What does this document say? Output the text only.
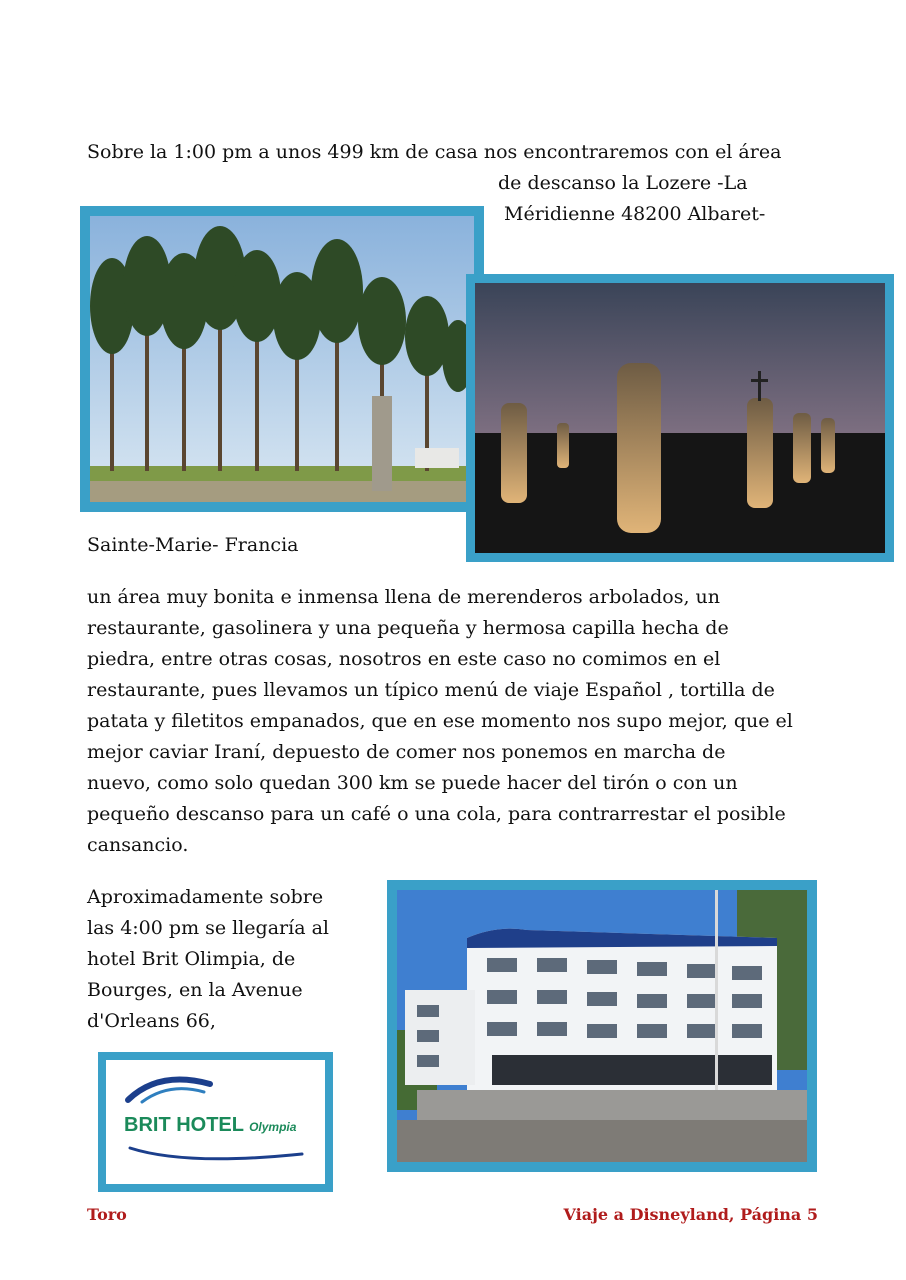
Sobre la 1:00 pm a unos 499 km de casa nos encontraremos con el área

de descanso la Lozere -La

Méridienne 48200 Albaret-

Sainte-Marie- Francia

un área muy bonita e inmensa llena de merenderos arbolados, un

restaurante, gasolinera y una pequeña y hermosa capilla hecha de

piedra, entre otras cosas, nosotros en este caso no comimos en el

restaurante, pues llevamos un típico menú de viaje Español , tortilla de

patata y filetitos empanados, que en ese momento nos supo mejor, que el

mejor caviar Iraní, depuesto de comer nos ponemos en marcha de

nuevo, como solo quedan 300 km se puede hacer del tirón o con un

pequeño descanso para un café o una cola, para contrarrestar el posible

cansancio.

Aproximadamente sobre

las 4:00 pm se llegaría al

hotel Brit Olimpia, de

Bourges, en la Avenue

d'Orleans 66,

BRIT HOTEL Olympia
Toro	Viaje a Disneyland, Página 5
